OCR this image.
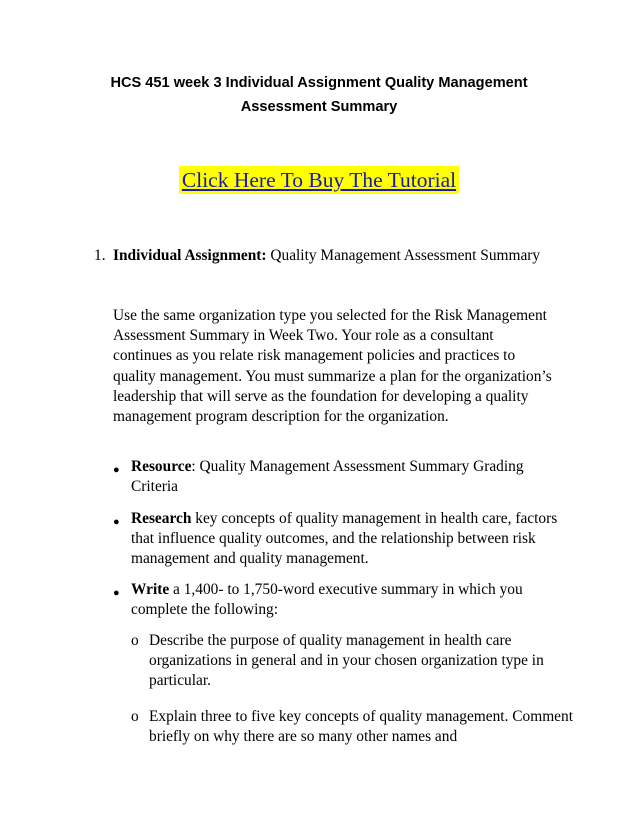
HCS 451 week 3 Individual Assignment Quality Management
Assessment Summary
Click Here To Buy The Tutorial
1. Individual Assignment: Quality Management Assessment Summary
Use the same organization type you selected for the Risk Management Assessment Summary in Week Two. Your role as a consultant continues as you relate risk management policies and practices to quality management. You must summarize a plan for the organization’s leadership that will serve as the foundation for developing a quality management program description for the organization.
● Resource: Quality Management Assessment Summary Grading Criteria
● Research key concepts of quality management in health care, factors that influence quality outcomes, and the relationship between risk management and quality management.
● Write a 1,400- to 1,750-word executive summary in which you complete the following:
o Describe the purpose of quality management in health care organizations in general and in your chosen organization type in particular.
o Explain three to five key concepts of quality management. Comment briefly on why there are so many other names and
